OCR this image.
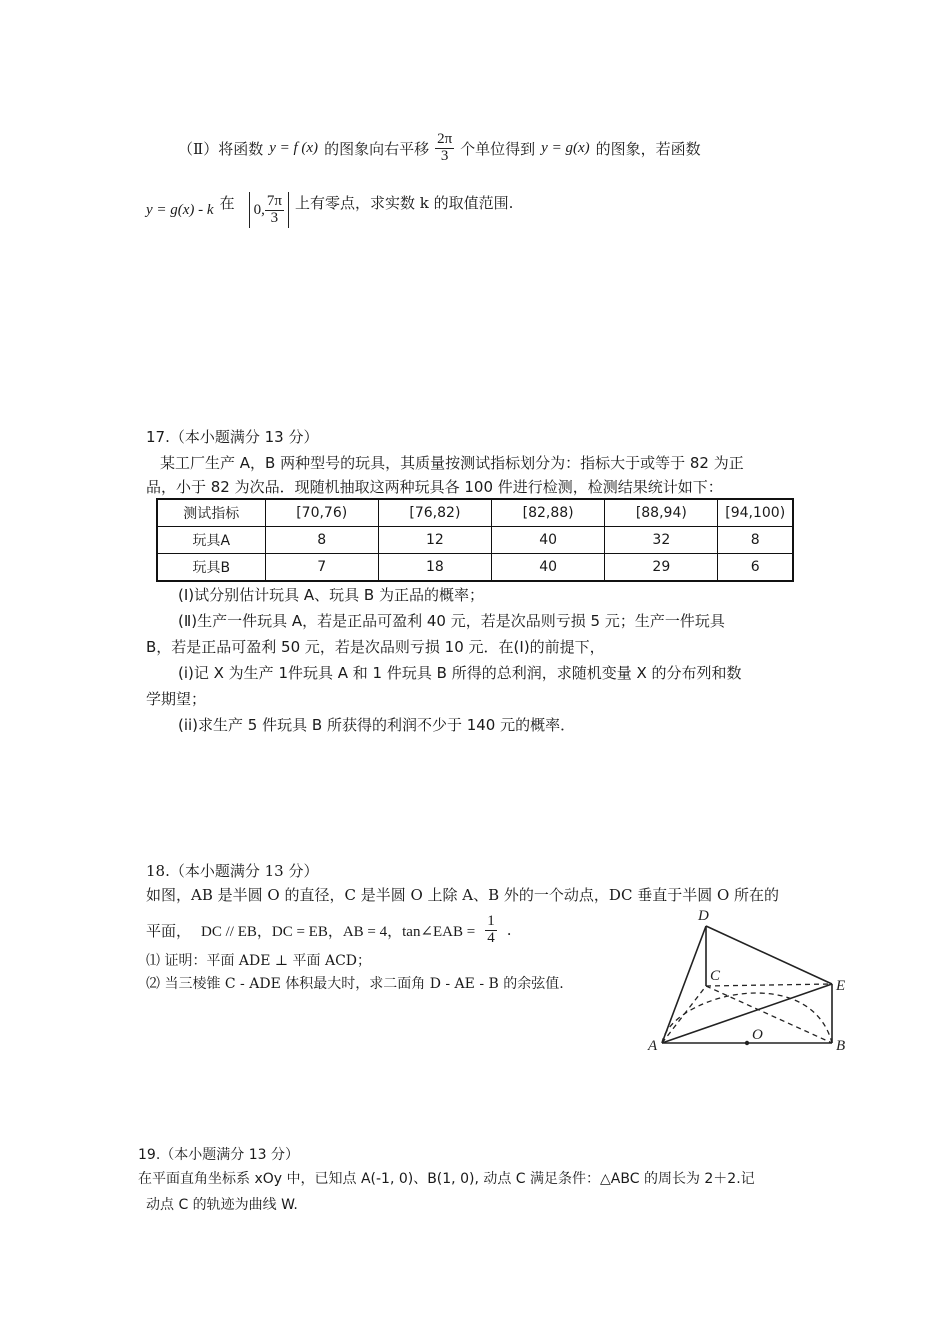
（Ⅱ）将函数 y = f (x) 的图象向右平移 $\frac{2\pi}{3}$ 个单位得到 y = g(x) 的图象，若函数
y = g(x) - k 在 0, $\frac{7\pi}{3}$ 上有零点，求实数 k 的取值范围.
17.（本小题满分 13 分）
某工厂生产 A，B 两种型号的玩具，其质量按测试指标划分为：指标大于或等于 82 为正
品，小于 82 为次品．现随机抽取这两种玩具各 100 件进行检测，检测结果统计如下：
测试指标	[70,76)	[76,82)	[82,88)	[88,94)	[94,100)
玩具A	8	12	40	32	8
玩具B	7	18	40	29	6
(Ⅰ)试分别估计玩具 A、玩具 B 为正品的概率；
(Ⅱ)生产一件玩具 A，若是正品可盈利 40 元，若是次品则亏损 5 元；生产一件玩具
B，若是正品可盈利 50 元，若是次品则亏损 10 元．在(I)的前提下，
(i)记 X 为生产 1件玩具 A 和 1 件玩具 B 所得的总利润，求随机变量 X 的分布列和数
学期望；
(ii)求生产 5 件玩具 B 所获得的利润不少于 140 元的概率．
18.（本小题满分 13 分）
如图，AB 是半圆 O 的直径，C 是半圆 O 上除 A、B 外的一个动点，DC 垂直于半圆 O 所在的
平面， DC // EB，DC = EB，AB = 4，tan∠EAB = $\frac{1}{4}$ .
⑴ 证明：平面 ADE ⊥ 平面 ACD；
⑵ 当三棱锥 C - ADE 体积最大时，求二面角 D - AE - B 的余弦值.
D
C
E
A
O
B
19.（本小题满分 13 分）
在平面直角坐标系 xOy 中，已知点 A(-1, 0)、B(1, 0), 动点 C 满足条件：△ABC 的周长为 2＋2.记
动点 C 的轨迹为曲线 W.
